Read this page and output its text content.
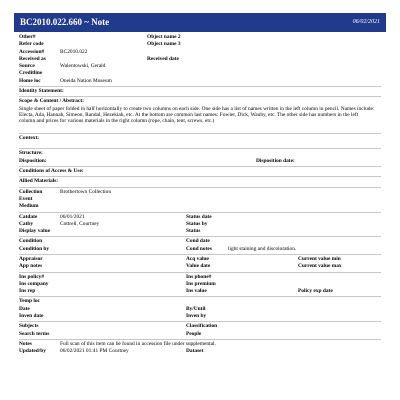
BC2010.022.660 ~ Note	06/02/2021
Other#	Object name 2
Refer code	Object name 3
Accession#	BC2010.022
Received as	Received date
Source	Walentowski, Gerald
Creditline
Home loc	Oneida Nation Museum
Identity Statement:
Scope & Content / Abstract:
Single sheet of paper folded in half horizontally to create two columns on each side. One side has a list of names written in the left column in pencil. Names include: Electa, Ada, Hannah, Simeon, Randal, Hezekiah, etc. At the bottom are common last names: Fowler, Dick, Wauby, etc. The other side has numbers in the left column and prices for various materials in the right column (rope, chain, tent, screws, etc.)
Context:
Structure:
Disposition:	Disposition date:
Conditions of Access & Use:
Allied Materials:
Collection	Brothertown Collection
Event
Medium
Catdate	06/01/2021	Status date
Catby	Cottrell, Courtney	Status by
Display value	Status
Condition	Cond date
Condition by	Cond notes	light staining and discoloration.
Appraisor	Acq value	Current value min
App notes	Value date	Current value max
Ins policy#	Ins phone#
Ins company	Ins premium
Ins rep	Ins value	Policy exp date
Temp loc
Date	By/Until
Inven date	Inven by
Subjects	Classification
Search terms	People
Notes	Full scan of this item can be found in accession file under supplemental.
Updated/by	06/02/2021 01:41 PM Courtney	Dataset
